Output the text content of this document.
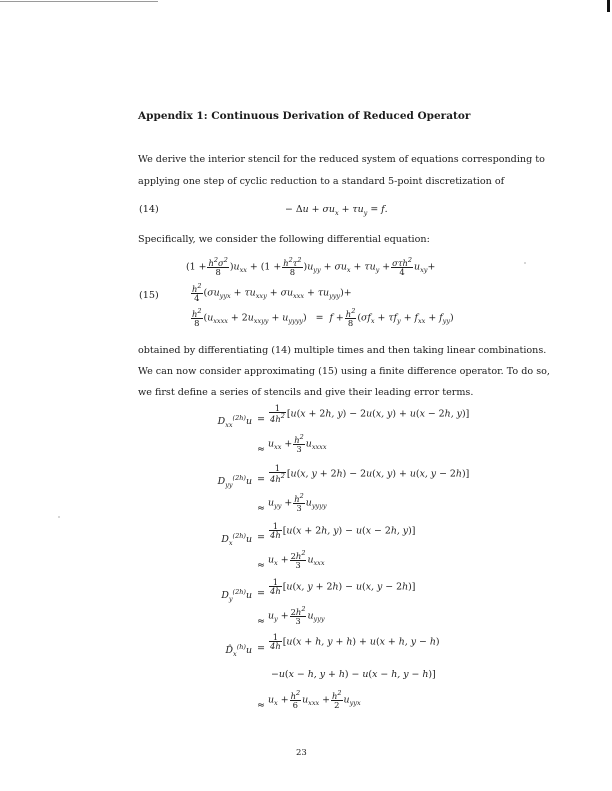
Appendix 1: Continuous Derivation of Reduced Operator
We derive the interior stencil for the reduced system of equations corresponding to
applying one step of cyclic reduction to a standard 5-point discretization of
(14)	− $\Delta u + \sigma u_x + \tau u_y = f$.
Specifically, we consider the following differential equation:
(15)
$(1 + \frac{h^2\sigma^2}{8} )u_{xx} + (1 + \frac{h^2\tau^2}{8} )u_{yy} + \sigma u_x + \tau u_y + \sigma\tau h^2$
4 $u_{xy}+$
$\frac{h^2}{4} (\sigma u_{yyx} + \tau u_{xxy} + \sigma u_{xxx} + \tau u_{yyy})+$
$\frac{h^2}{8} (u_{xxxx} + 2u_{xxyy} + u_{yyyy}) = f + \frac{h^2}{8} (\sigma f_x + \tau f_y + f_{xx} + f_{yy})$
obtained by differentiating (14) multiple times and then taking linear combinations.
We can now consider approximating (15) using a finite difference operator. To do so,
we first define a series of stencils and give their leading error terms.
$D_{xx}^{(2h)}u = \frac{1}{4h^2} [u(x + 2h$, y) − 2u(x, y) + u(x − 2h, y)]
≈
$u_{xx} + \frac{h^2}{3} u_{xxxx}$
$D_{yy}^{(2h)}u = \frac{1}{4h^2} [u(x$, y + 2h) − 2u(x, y) + u(x, y − 2h)]
≈
$u_{yy} + \frac{h^2}{3} u_{yyyy}$
$D_x^{(2h)}u = \frac{1}{4h} [u(x + 2h$, y) − u(x − 2h, y)]
≈
$u_x + \frac{2h^2}{3} u_{xxx}$
$D_y^{(2h)}u = \frac{1}{4h} [u(x$, y + 2h) − u(x, y − 2h)]
≈
$u_y + \frac{2h^2}{3} u_{yyy}$
$D̂_x^{(h)}u = \frac{1}{4h} [u(x + h$, y + h) + u(x + h, y − h)
−u(x − h, y + h) − u(x − h, y − h)]
≈
$u_x + \frac{h^2}{6} u_{xxx} + \frac{h^2}{2} u_{yyx}$
23
